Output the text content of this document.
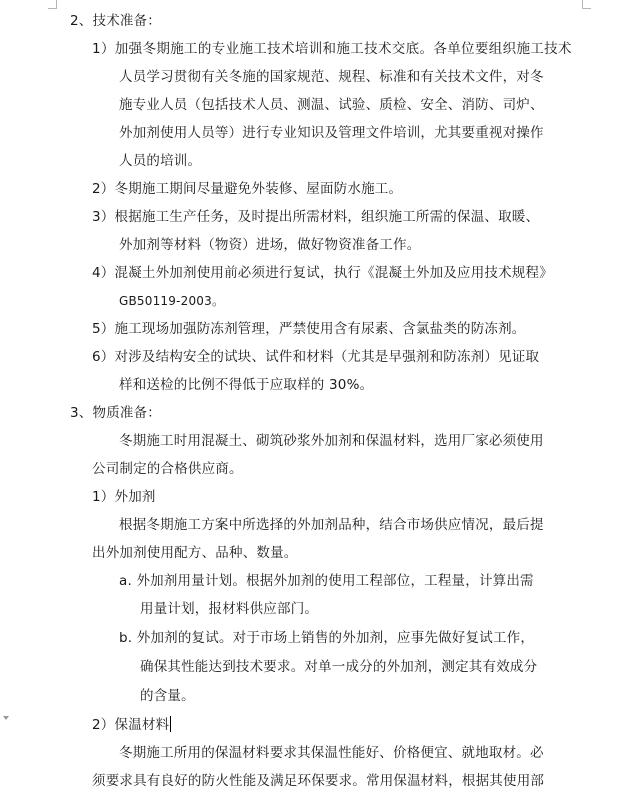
2、技术准备：
1）加强冬期施工的专业施工技术培训和施工技术交底。各单位要组织施工技术
人员学习贯彻有关冬施的国家规范、规程、标准和有关技术文件，对冬
施专业人员（包括技术人员、测温、试验、质检、安全、消防、司炉、
外加剂使用人员等）进行专业知识及管理文件培训，尤其要重视对操作
人员的培训。
2）冬期施工期间尽量避免外装修、屋面防水施工。
3）根据施工生产任务，及时提出所需材料，组织施工所需的保温、取暖、
外加剂等材料（物资）进场，做好物资准备工作。
4）混凝土外加剂使用前必须进行复试，执行《混凝土外加及应用技术规程》
GB50119-2003。
5）施工现场加强防冻剂管理，严禁使用含有尿素、含氯盐类的防冻剂。
6）对涉及结构安全的试块、试件和材料（尤其是早强剂和防冻剂）见证取
样和送检的比例不得低于应取样的 30%。
3、物质准备：
冬期施工时用混凝土、砌筑砂浆外加剂和保温材料，选用厂家必须使用
公司制定的合格供应商。
1）外加剂
根据冬期施工方案中所选择的外加剂品种，结合市场供应情况，最后提
出外加剂使用配方、品种、数量。
a. 外加剂用量计划。根据外加剂的使用工程部位，工程量，计算出需
用量计划，报材料供应部门。
b. 外加剂的复试。对于市场上销售的外加剂，应事先做好复试工作，
确保其性能达到技术要求。对单一成分的外加剂，测定其有效成分
的含量。
2）保温材料
冬期施工所用的保温材料要求其保温性能好、价格便宜、就地取材。必
须要求具有良好的防火性能及满足环保要求。常用保温材料，根据其使用部
